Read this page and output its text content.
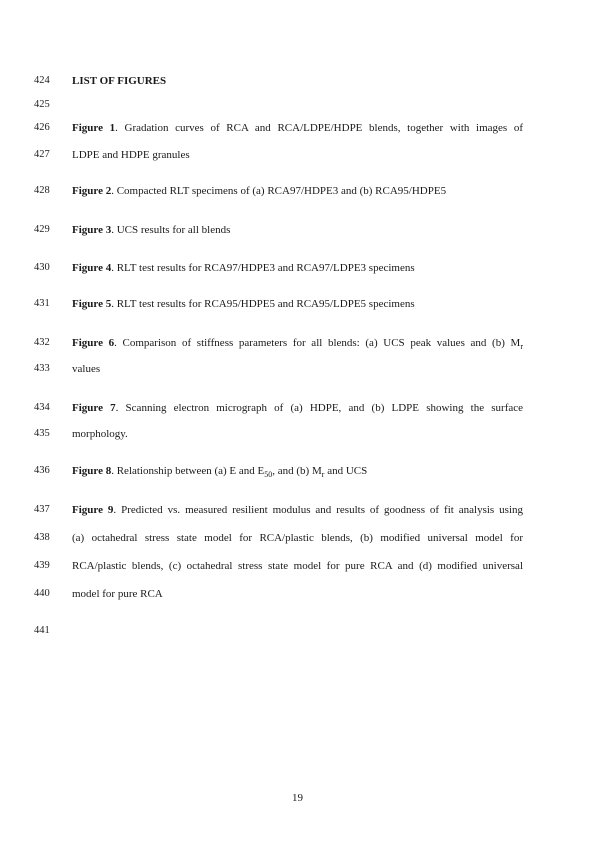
424	LIST OF FIGURES
425
426	Figure 1. Gradation curves of RCA and RCA/LDPE/HDPE blends, together with images of
427	LDPE and HDPE granules
428	Figure 2. Compacted RLT specimens of (a) RCA97/HDPE3 and (b) RCA95/HDPE5
429	Figure 3. UCS results for all blends
430	Figure 4. RLT test results for RCA97/HDPE3 and RCA97/LDPE3 specimens
431	Figure 5. RLT test results for RCA95/HDPE5 and RCA95/LDPE5 specimens
432	Figure 6. Comparison of stiffness parameters for all blends: (a) UCS peak values and (b) $M_r$
433	values
434	Figure 7. Scanning electron micrograph of (a) HDPE, and (b) LDPE showing the surface
435	morphology.
436	Figure 8. Relationship between (a) E and $E_{50}$, and (b) $M_r$ and UCS
437	Figure 9. Predicted vs. measured resilient modulus and results of goodness of fit analysis using
438	(a) octahedral stress state model for RCA/plastic blends, (b) modified universal model for
439	RCA/plastic blends, (c) octahedral stress state model for pure RCA and (d) modified universal
440	model for pure RCA
441
19
